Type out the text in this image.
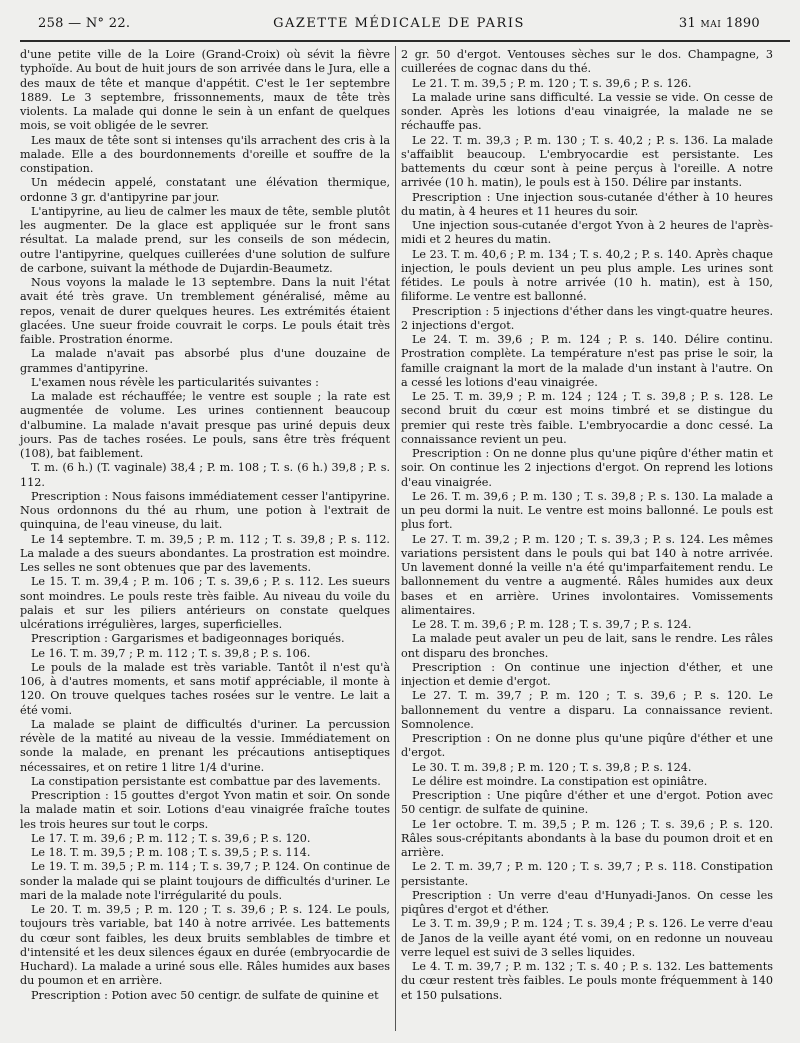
258 — N° 22.	GAZETTE MÉDICALE DE PARIS	31 MAI 1890

d'une petite ville de la Loire (Grand-Croix) où sévit la fièvre typhoïde. Au bout de huit jours de son arrivée dans le Jura, elle a des maux de tête et manque d'appétit. C'est le 1er septembre 1889. Le 3 septembre, frissonnements, maux de tête très violents. La malade qui donne le sein à un enfant de quelques mois, se voit obligée de le sevrer.

Les maux de tête sont si intenses qu'ils arrachent des cris à la malade. Elle a des bourdonnements d'oreille et souffre de la constipation.

Un médecin appelé, constatant une élévation thermique, ordonne 3 gr. d'antipyrine par jour.

L'antipyrine, au lieu de calmer les maux de tête, semble plutôt les augmenter. De la glace est appliquée sur le front sans résultat. La malade prend, sur les conseils de son médecin, outre l'antipyrine, quelques cuillerées d'une solution de sulfure de carbone, suivant la méthode de Dujardin-Beaumetz.

Nous voyons la malade le 13 septembre. Dans la nuit l'état avait été très grave. Un tremblement généralisé, même au repos, venait de durer quelques heures. Les extrémités étaient glacées. Une sueur froide couvrait le corps. Le pouls était très faible. Prostration énorme.

La malade n'avait pas absorbé plus d'une douzaine de grammes d'antipyrine.

L'examen nous révèle les particularités suivantes :

La malade est réchauffée; le ventre est souple ; la rate est augmentée de volume. Les urines contiennent beaucoup d'albumine. La malade n'avait presque pas uriné depuis deux jours. Pas de taches rosées. Le pouls, sans être très fréquent (108), bat faiblement.

T. m. (6 h.) (T. vaginale) 38,4 ; P. m. 108 ; T. s. (6 h.) 39,8 ; P. s. 112.

Prescription : Nous faisons immédiatement cesser l'antipyrine. Nous ordonnons du thé au rhum, une potion à l'extrait de quinquina, de l'eau vineuse, du lait.

Le 14 septembre. T. m. 39,5 ; P. m. 112 ; T. s. 39,8 ; P. s. 112. La malade a des sueurs abondantes. La prostration est moindre. Les selles ne sont obtenues que par des lavements.

Le 15. T. m. 39,4 ; P. m. 106 ; T. s. 39,6 ; P. s. 112. Les sueurs sont moindres. Le pouls reste très faible. Au niveau du voile du palais et sur les piliers antérieurs on constate quelques ulcérations irrégulières, larges, superficielles.

Prescription : Gargarismes et badigeonnages boriqués.

Le 16. T. m. 39,7 ; P. m. 112 ; T. s. 39,8 ; P. s. 106.

Le pouls de la malade est très variable. Tantôt il n'est qu'à 106, à d'autres moments, et sans motif appréciable, il monte à 120. On trouve quelques taches rosées sur le ventre. Le lait a été vomi.

La malade se plaint de difficultés d'uriner. La percussion révèle de la matité au niveau de la vessie. Immédiatement on sonde la malade, en prenant les précautions antiseptiques nécessaires, et on retire 1 litre 1/4 d'urine.

La constipation persistante est combattue par des lavements.

Prescription : 15 gouttes d'ergot Yvon matin et soir. On sonde la malade matin et soir. Lotions d'eau vinaigrée fraîche toutes les trois heures sur tout le corps.

Le 17. T. m. 39,6 ; P. m. 112 ; T. s. 39,6 ; P. s. 120.

Le 18. T. m. 39,5 ; P. m. 108 ; T. s. 39,5 ; P. s. 114.

Le 19. T. m. 39,5 ; P. m. 114 ; T. s. 39,7 ; P. 124. On continue de sonder la malade qui se plaint toujours de difficultés d'uriner. Le mari de la malade note l'irrégularité du pouls.

Le 20. T. m. 39,5 ; P. m. 120 ; T. s. 39,6 ; P. s. 124. Le pouls, toujours très variable, bat 140 à notre arrivée. Les battements du cœur sont faibles, les deux bruits semblables de timbre et d'intensité et les deux silences égaux en durée (embryocardie de Huchard). La malade a uriné sous elle. Râles humides aux bases du poumon et en arrière.

Prescription : Potion avec 50 centigr. de sulfate de quinine et

2 gr. 50 d'ergot. Ventouses sèches sur le dos. Champagne, 3 cuillerées de cognac dans du thé.

Le 21. T. m. 39,5 ; P. m. 120 ; T. s. 39,6 ; P. s. 126.

La malade urine sans difficulté. La vessie se vide. On cesse de sonder. Après les lotions d'eau vinaigrée, la malade ne se réchauffe pas.

Le 22. T. m. 39,3 ; P. m. 130 ; T. s. 40,2 ; P. s. 136. La malade s'affaiblit beaucoup. L'embryocardie est persistante. Les battements du cœur sont à peine perçus à l'oreille. A notre arrivée (10 h. matin), le pouls est à 150. Délire par instants.

Prescription : Une injection sous-cutanée d'éther à 10 heures du matin, à 4 heures et 11 heures du soir.

Une injection sous-cutanée d'ergot Yvon à 2 heures de l'après-midi et 2 heures du matin.

Le 23. T. m. 40,6 ; P. m. 134 ; T. s. 40,2 ; P. s. 140. Après chaque injection, le pouls devient un peu plus ample. Les urines sont fétides. Le pouls à notre arrivée (10 h. matin), est à 150, filiforme. Le ventre est ballonné.

Prescription : 5 injections d'éther dans les vingt-quatre heures. 2 injections d'ergot.

Le 24. T. m. 39,6 ; P. m. 124 ; P. s. 140. Délire continu. Prostration complète. La température n'est pas prise le soir, la famille craignant la mort de la malade d'un instant à l'autre. On a cessé les lotions d'eau vinaigrée.

Le 25. T. m. 39,9 ; P. m. 124 ; 124 ; T. s. 39,8 ; P. s. 128. Le second bruit du cœur est moins timbré et se distingue du premier qui reste très faible. L'embryocardie a donc cessé. La connaissance revient un peu.

Prescription : On ne donne plus qu'une piqûre d'éther matin et soir. On continue les 2 injections d'ergot. On reprend les lotions d'eau vinaigrée.

Le 26. T. m. 39,6 ; P. m. 130 ; T. s. 39,8 ; P. s. 130. La malade a un peu dormi la nuit. Le ventre est moins ballonné. Le pouls est plus fort.

Le 27. T. m. 39,2 ; P. m. 120 ; T. s. 39,3 ; P. s. 124. Les mêmes variations persistent dans le pouls qui bat 140 à notre arrivée. Un lavement donné la veille n'a été qu'imparfaitement rendu. Le ballonnement du ventre a augmenté. Râles humides aux deux bases et en arrière. Urines involontaires. Vomissements alimentaires.

Le 28. T. m. 39,6 ; P. m. 128 ; T. s. 39,7 ; P. s. 124.

La malade peut avaler un peu de lait, sans le rendre. Les râles ont disparu des bronches.

Prescription : On continue une injection d'éther, et une injection et demie d'ergot.

Le 27. T. m. 39,7 ; P. m. 120 ; T. s. 39,6 ; P. s. 120. Le ballonnement du ventre a disparu. La connaissance revient. Somnolence.

Prescription : On ne donne plus qu'une piqûre d'éther et une d'ergot.

Le 30. T. m. 39,8 ; P. m. 120 ; T. s. 39,8 ; P. s. 124.

Le délire est moindre. La constipation est opiniâtre.

Prescription : Une piqûre d'éther et une d'ergot. Potion avec 50 centigr. de sulfate de quinine.

Le 1er octobre. T. m. 39,5 ; P. m. 126 ; T. s. 39,6 ; P. s. 120. Râles sous-crépitants abondants à la base du poumon droit et en arrière.

Le 2. T. m. 39,7 ; P. m. 120 ; T. s. 39,7 ; P. s. 118. Constipation persistante.

Prescription : Un verre d'eau d'Hunyadi-Janos. On cesse les piqûres d'ergot et d'éther.

Le 3. T. m. 39,9 ; P. m. 124 ; T. s. 39,4 ; P. s. 126. Le verre d'eau de Janos de la veille ayant été vomi, on en redonne un nouveau verre lequel est suivi de 3 selles liquides.

Le 4. T. m. 39,7 ; P. m. 132 ; T. s. 40 ; P. s. 132. Les battements du cœur restent très faibles. Le pouls monte fréquemment à 140 et 150 pulsations.
